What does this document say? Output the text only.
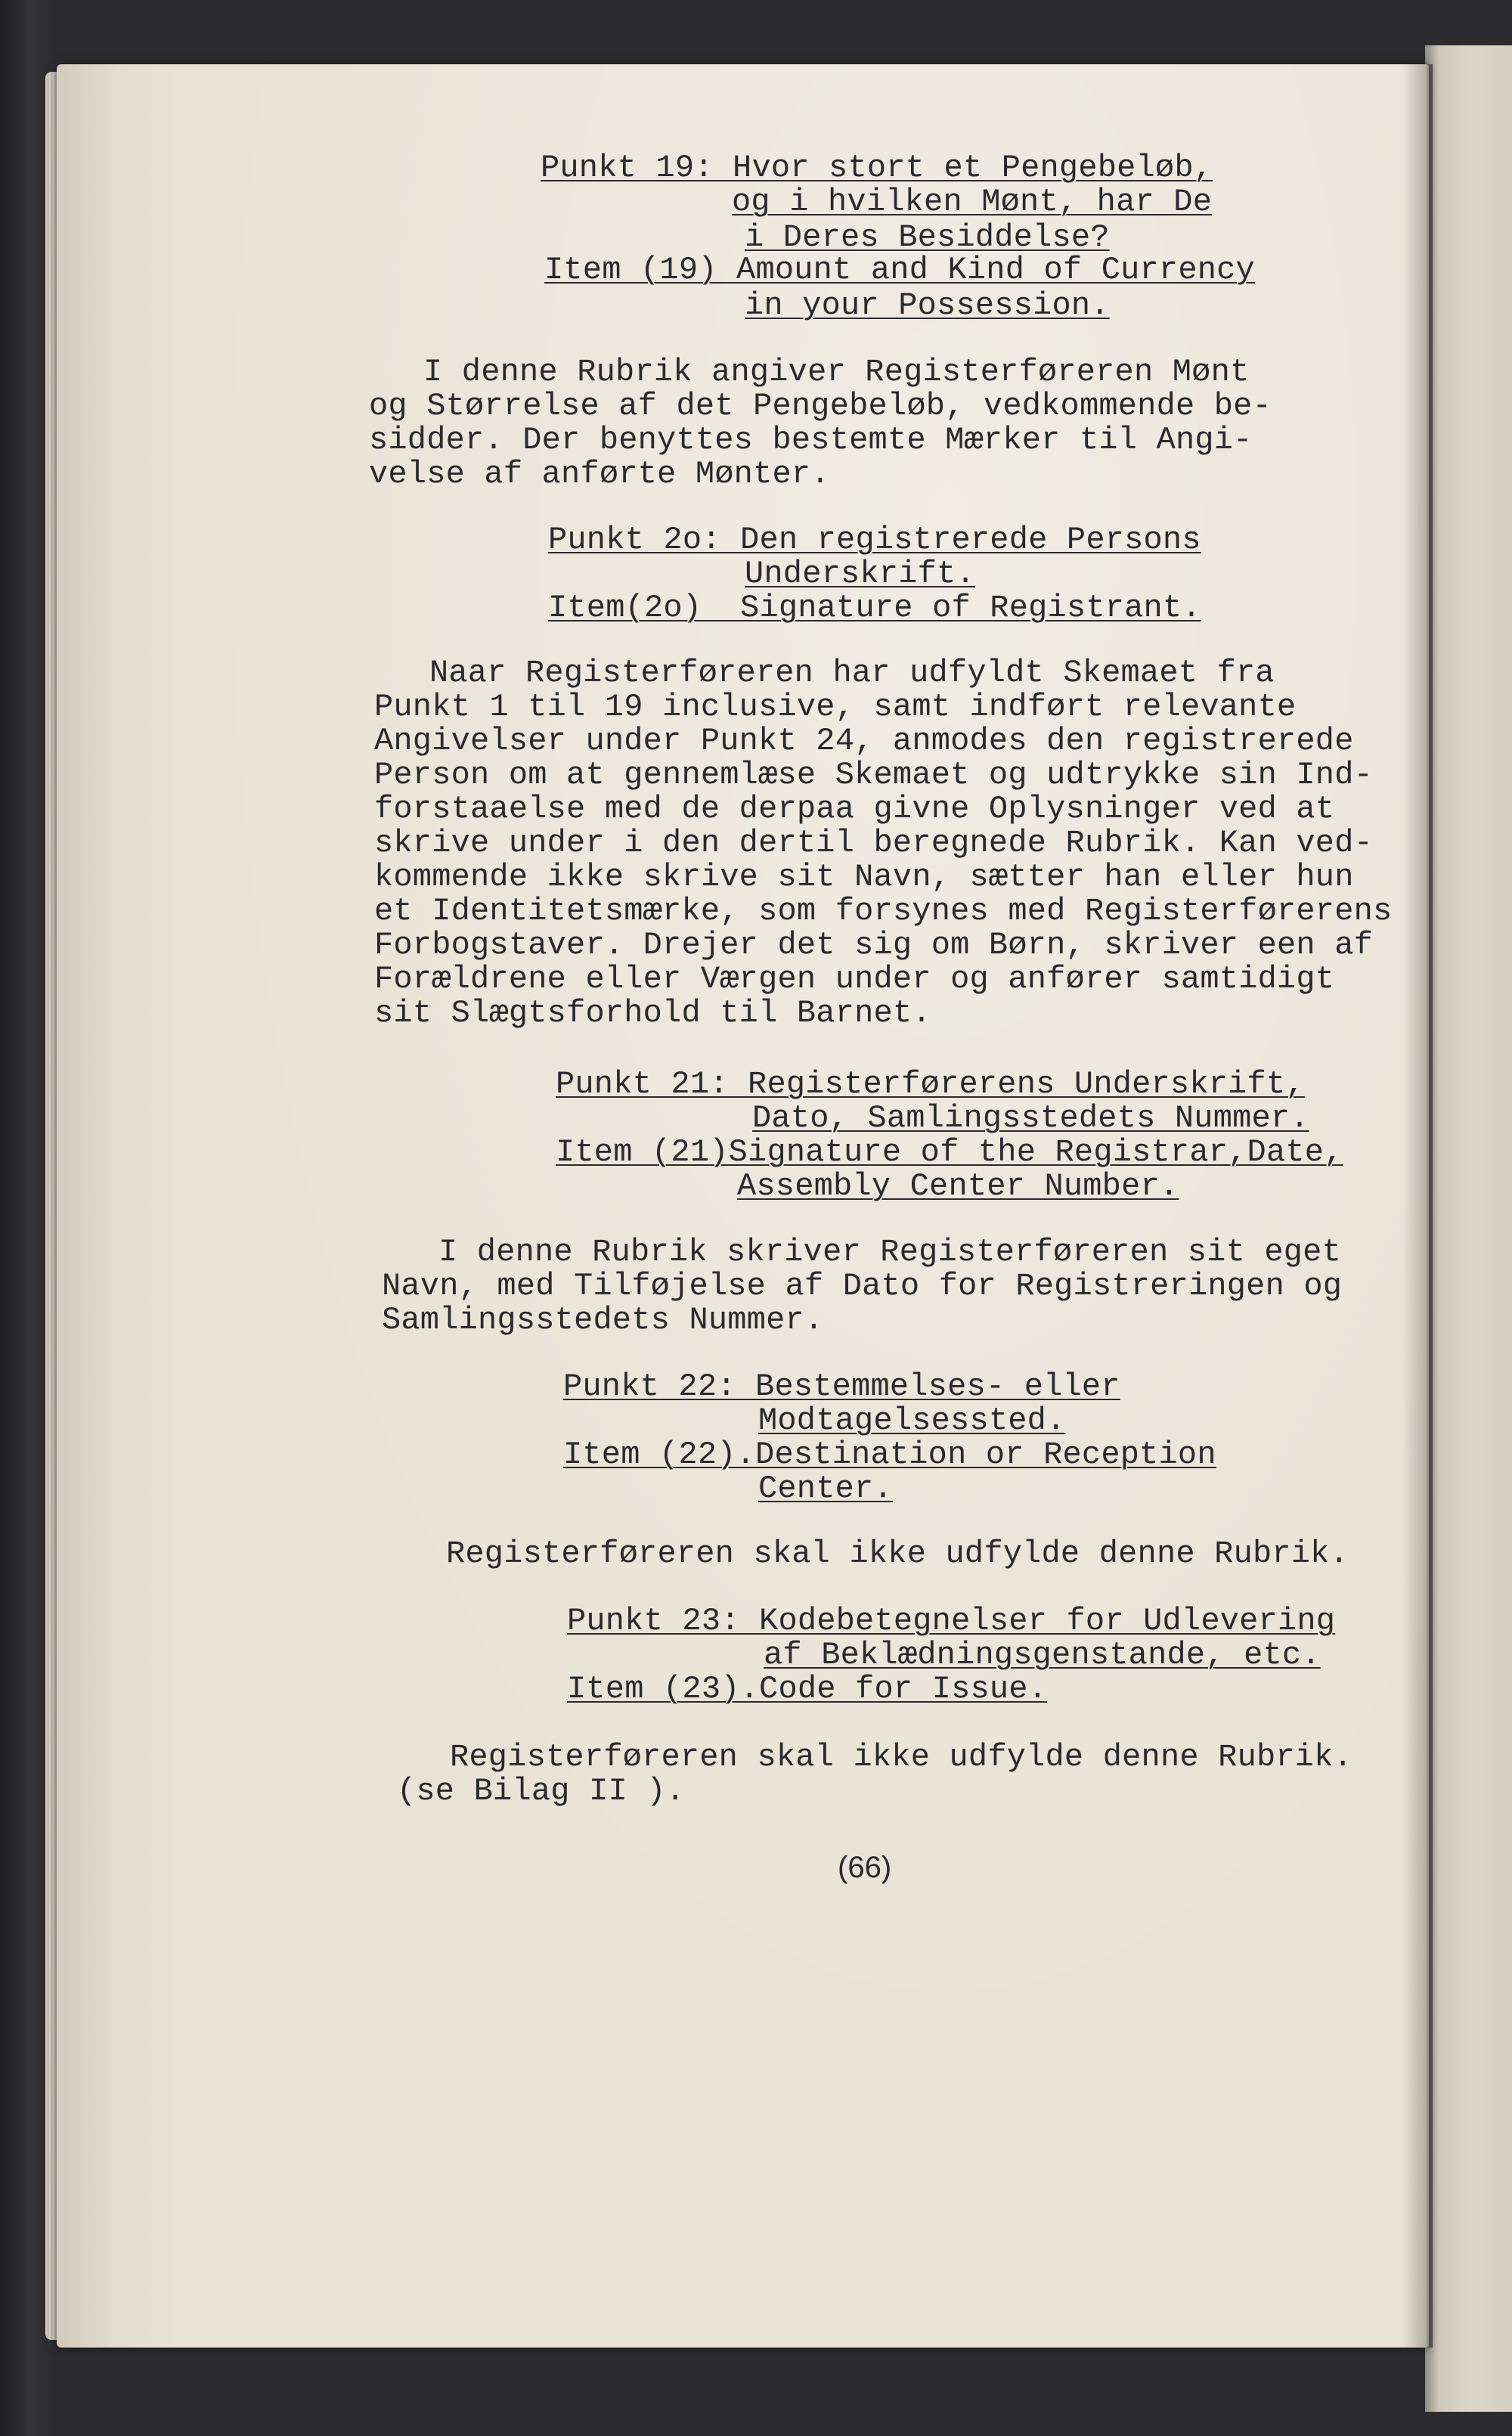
Punkt 19: Hvor stort et Pengebeløb,

og i hvilken Mønt, har De

i Deres Besiddelse?

Item (19) Amount and Kind of Currency

in your Possession.

I denne Rubrik angiver Registerføreren Mønt

og Størrelse af det Pengebeløb, vedkommende be-

sidder. Der benyttes bestemte Mærker til Angi-

velse af anførte Mønter.

Punkt 2o: Den registrerede Persons

Underskrift.

Item(2o)  Signature of Registrant.

Naar Registerføreren har udfyldt Skemaet fra

Punkt 1 til 19 inclusive, samt indført relevante

Angivelser under Punkt 24, anmodes den registrerede

Person om at gennemlæse Skemaet og udtrykke sin Ind-

forstaaelse med de derpaa givne Oplysninger ved at

skrive under i den dertil beregnede Rubrik. Kan ved-

kommende ikke skrive sit Navn, sætter han eller hun

et Identitetsmærke, som forsynes med Registerførerens

Forbogstaver. Drejer det sig om Børn, skriver een af

Forældrene eller Værgen under og anfører samtidigt

sit Slægtsforhold til Barnet.

Punkt 21: Registerførerens Underskrift,

Dato, Samlingsstedets Nummer.

Item (21)Signature of the Registrar,Date,

Assembly Center Number.

I denne Rubrik skriver Registerføreren sit eget

Navn, med Tilføjelse af Dato for Registreringen og

Samlingsstedets Nummer.

Punkt 22: Bestemmelses- eller

Modtagelsessted.

Item (22).Destination or Reception

Center.

Registerføreren skal ikke udfylde denne Rubrik.

Punkt 23: Kodebetegnelser for Udlevering

af Beklædningsgenstande, etc.

Item (23).Code for Issue.

Registerføreren skal ikke udfylde denne Rubrik.

(se Bilag II ).

(66)
